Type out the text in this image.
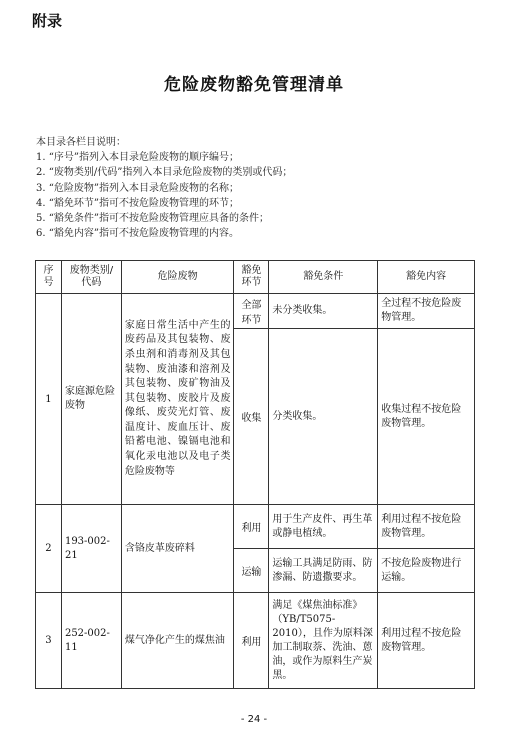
附录
危险废物豁免管理清单
本目录各栏目说明：
1. “序号”指列入本目录危险废物的顺序编号；
2. “废物类别/代码”指列入本目录危险废物的类别或代码；
3. “危险废物”指列入本目录危险废物的名称；
4. “豁免环节”指可不按危险废物管理的环节；
5. “豁免条件”指可不按危险废物管理应具备的条件；
6. “豁免内容”指可不按危险废物管理的内容。
序号	废物类别/代码	危险废物	豁免环节	豁免条件	豁免内容
1	家庭源危险废物	家庭日常生活中产生的废药品及其包装物、废杀虫剂和消毒剂及其包装物、废油漆和溶剂及其包装物、废矿物油及其包装物、废胶片及废像纸、废荧光灯管、废温度计、废血压计、废铅蓄电池、镍镉电池和氧化汞电池以及电子类危险废物等	全部环节	未分类收集。	全过程不按危险废物管理。
			收集	分类收集。	收集过程不按危险废物管理。
2	193-002-21	含铬皮革废碎料	利用	用于生产皮件、再生革或静电植绒。	利用过程不按危险废物管理。
			运输	运输工具满足防雨、防渗漏、防遗撒要求。	不按危险废物进行运输。
3	252-002-11	煤气净化产生的煤焦油	利用	满足《煤焦油标准》（YB/T5075-2010），且作为原料深加工制取萘、洗油、蒽油，或作为原料生产炭黑。	利用过程不按危险废物管理。
- 24 -
